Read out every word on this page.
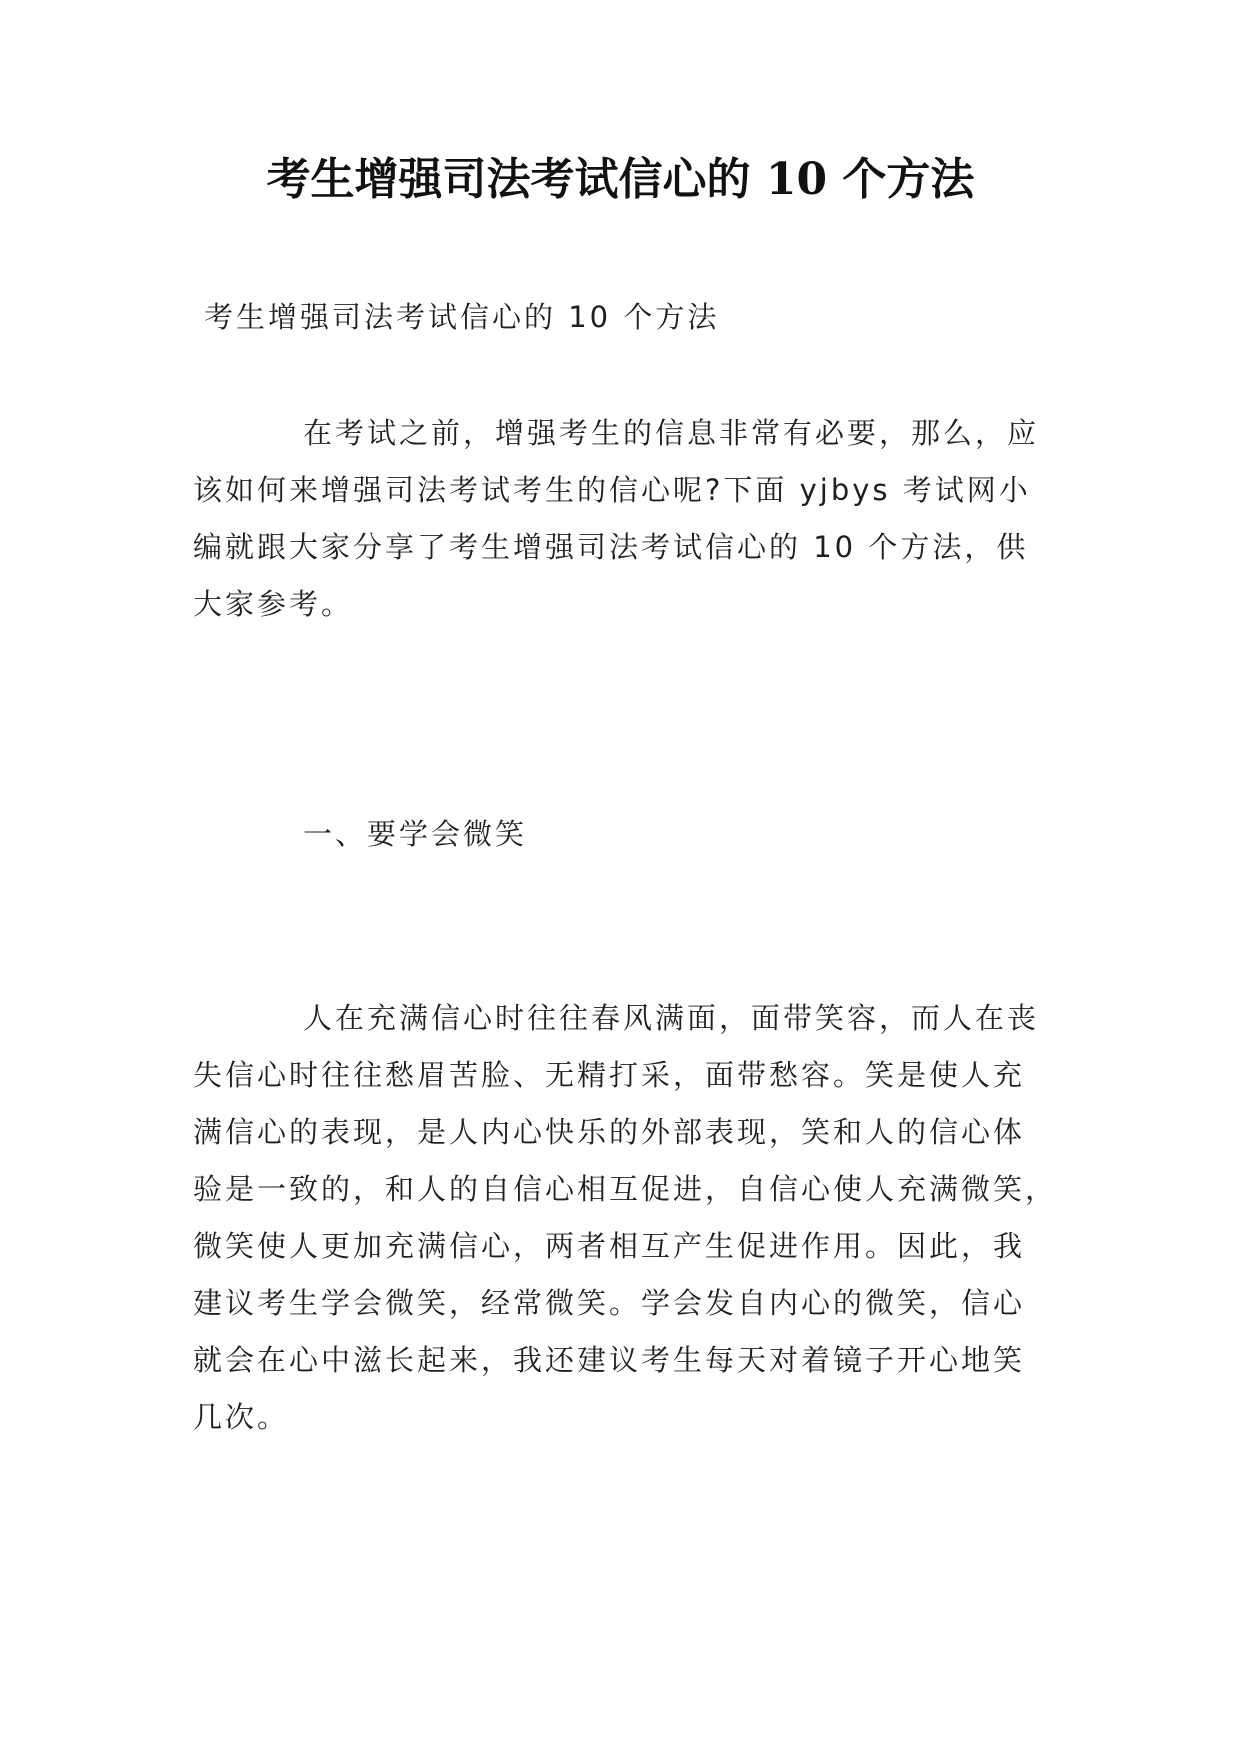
考生增强司法考试信心的 10 个方法

考生增强司法考试信心的 10 个方法

在考试之前，增强考生的信息非常有必要，那么，应
该如何来增强司法考试考生的信心呢?下面 yjbys 考试网小
编就跟大家分享了考生增强司法考试信心的 10 个方法，供
大家参考。

一、要学会微笑

人在充满信心时往往春风满面，面带笑容，而人在丧
失信心时往往愁眉苦脸、无精打采，面带愁容。笑是使人充
满信心的表现，是人内心快乐的外部表现，笑和人的信心体
验是一致的，和人的自信心相互促进，自信心使人充满微笑，
微笑使人更加充满信心，两者相互产生促进作用。因此，我
建议考生学会微笑，经常微笑。学会发自内心的微笑，信心
就会在心中滋长起来，我还建议考生每天对着镜子开心地笑
几次。
